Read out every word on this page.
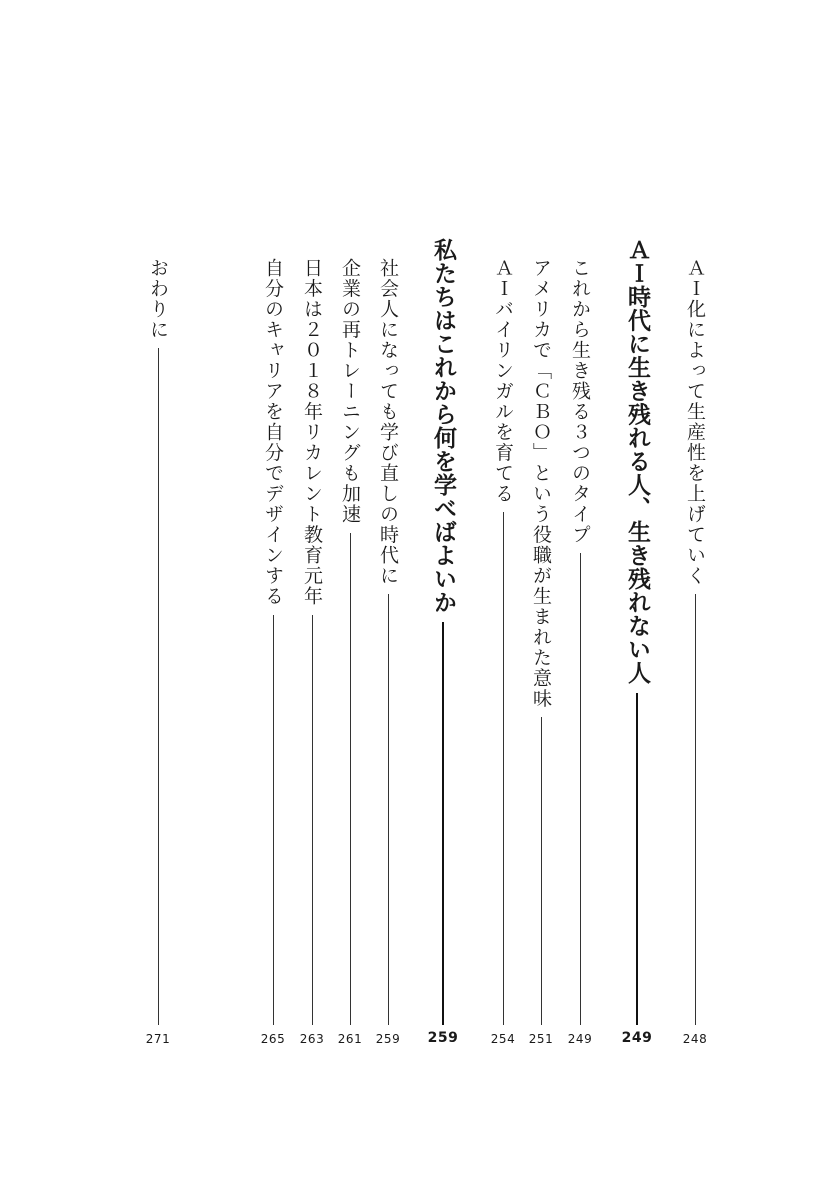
ＡＩ化によって生産性を上げていく
ＡＩ時代に生き残れる人、生き残れない人
これから生き残る３つのタイプ
アメリカで「ＣＢＯ」という役職が生まれた意味
ＡＩバイリンガルを育てる
私たちはこれから何を学べばよいか
社会人になっても学び直しの時代に
企業の再トレーニングも加速
日本は２０１８年リカレント教育元年
自分のキャリアを自分でデザインする
おわりに
248
249
249
251
254
259
259
261
263
265
271
